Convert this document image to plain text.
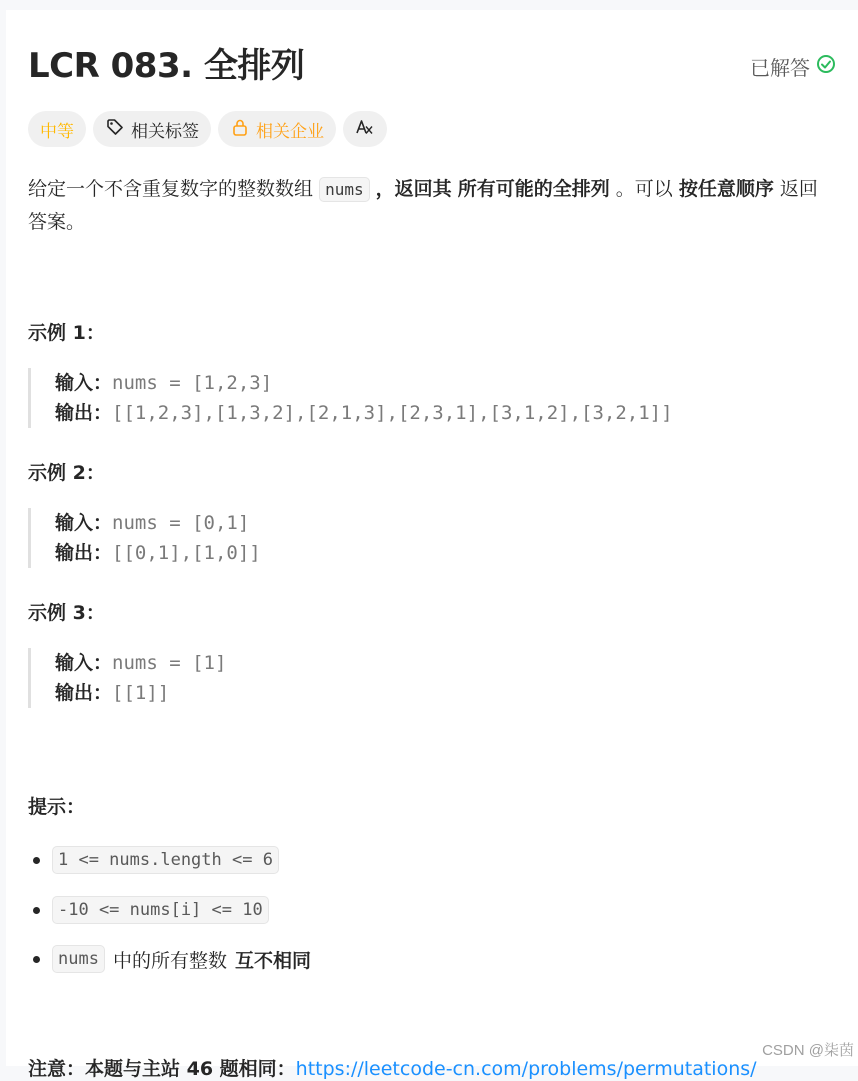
LCR 083. 全排列	已解答
中等	相关标签	相关企业
给定一个不含重复数字的整数数组 nums ，返回其 所有可能的全排列 。可以 按任意顺序 返回答案。
示例 1：
输入：nums = [1,2,3]
输出：[[1,2,3],[1,3,2],[2,1,3],[2,3,1],[3,1,2],[3,2,1]]
示例 2：
输入：nums = [0,1]
输出：[[0,1],[1,0]]
示例 3：
输入：nums = [1]
输出：[[1]]
提示：
1 <= nums.length <= 6
-10 <= nums[i] <= 10
nums 中的所有整数 互不相同
注意：本题与主站 46 题相同：https://leetcode-cn.com/problems/permutations/
CSDN @柒茵
